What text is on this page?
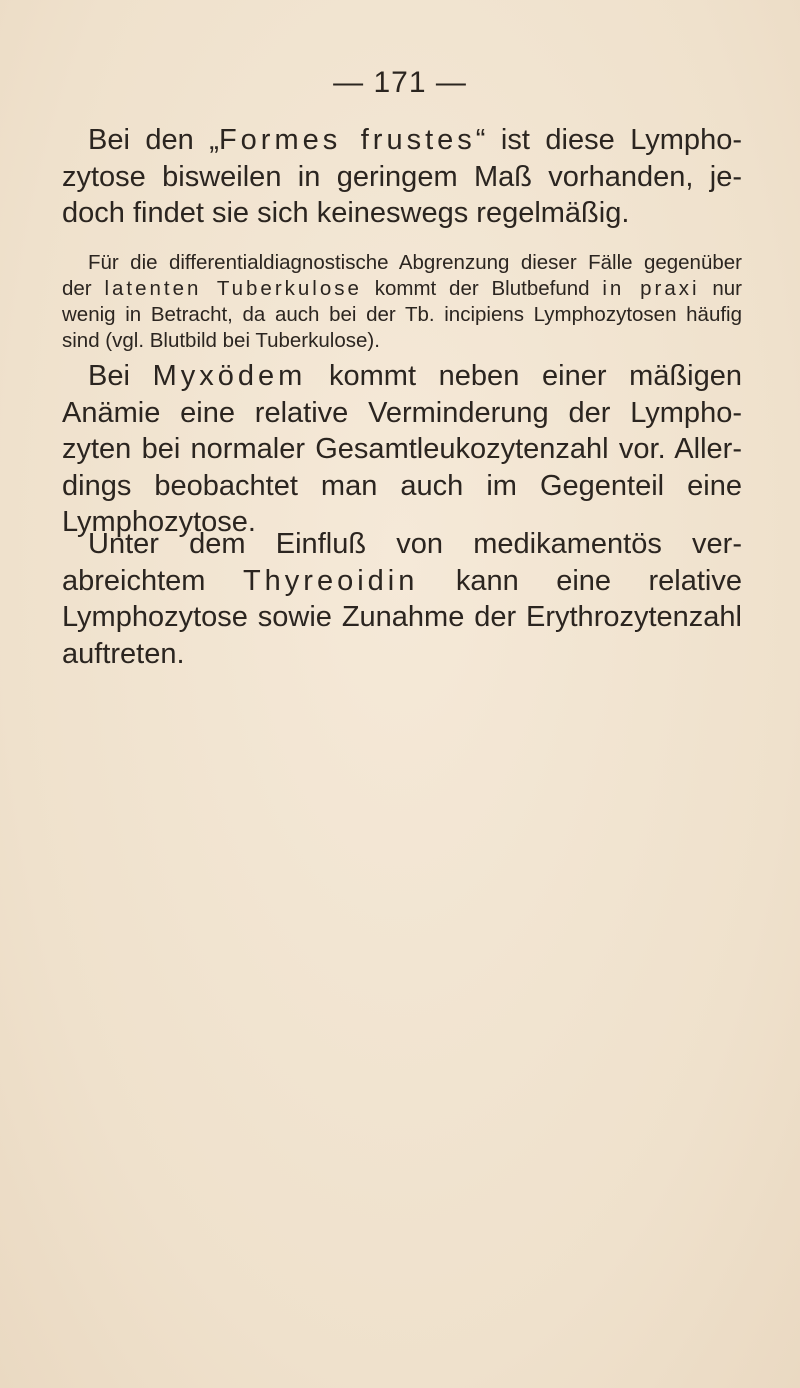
— 171 —

Bei den „Formes frustes“ ist diese Lymphozytose bisweilen in geringem Maß vorhanden, jedoch findet sie sich keineswegs regelmäßig.

Für die differentialdiagnostische Abgrenzung dieser Fälle gegenüber der latenten Tuberkulose kommt der Blutbefund in praxi nur wenig in Betracht, da auch bei der Tb. incipiens Lymphozytosen häufig sind (vgl. Blutbild bei Tuberkulose).

Bei Myxödem kommt neben einer mäßigen Anämie eine relative Verminderung der Lymphozyten bei normaler Gesamtleukozytenzahl vor. Allerdings beobachtet man auch im Gegenteil eine Lymphozytose.

Unter dem Einfluß von medikamentös verabreichtem Thyreoidin kann eine relative Lymphozytose sowie Zunahme der Erythrozytenzahl auftreten.
